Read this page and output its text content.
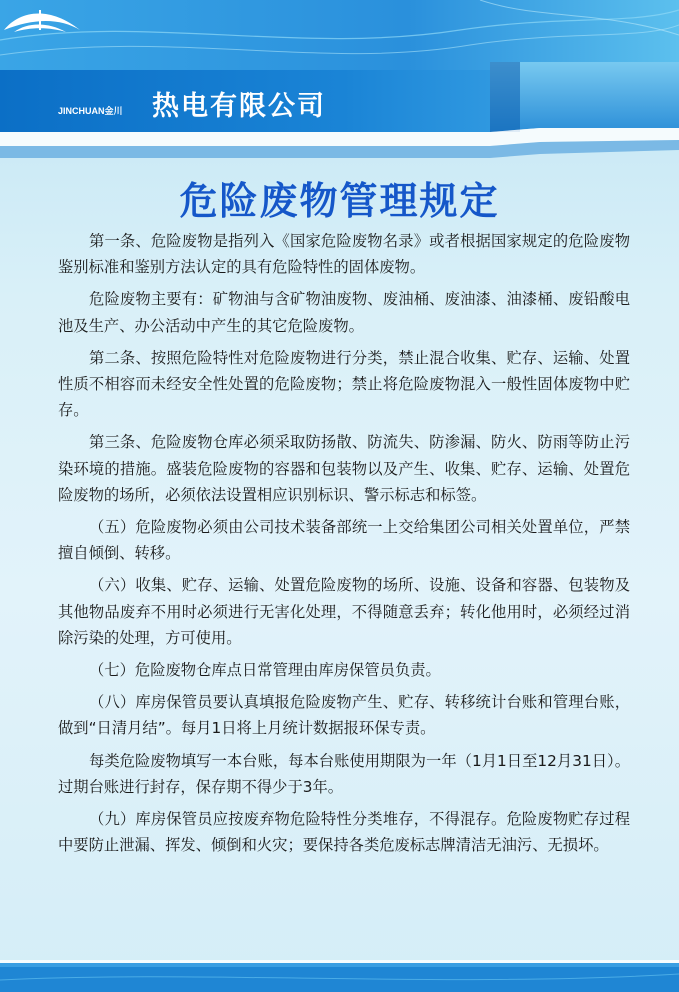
JINCHUAN金川 热电有限公司
危险废物管理规定

第一条、危险废物是指列入《国家危险废物名录》或者根据国家规定的危险废物鉴别标准和鉴别方法认定的具有危险特性的固体废物。

危险废物主要有：矿物油与含矿物油废物、废油桶、废油漆、油漆桶、废铅酸电池及生产、办公活动中产生的其它危险废物。

第二条、按照危险特性对危险废物进行分类，禁止混合收集、贮存、运输、处置性质不相容而未经安全性处置的危险废物；禁止将危险废物混入一般性固体废物中贮存。

第三条、危险废物仓库必须采取防扬散、防流失、防渗漏、防火、防雨等防止污染环境的措施。盛装危险废物的容器和包装物以及产生、收集、贮存、运输、处置危险废物的场所，必须依法设置相应识别标识、警示标志和标签。

（五）危险废物必须由公司技术装备部统一上交给集团公司相关处置单位，严禁擅自倾倒、转移。

（六）收集、贮存、运输、处置危险废物的场所、设施、设备和容器、包装物及其他物品废弃不用时必须进行无害化处理，不得随意丢弃；转化他用时，必须经过消除污染的处理，方可使用。

（七）危险废物仓库点日常管理由库房保管员负责。

（八）库房保管员要认真填报危险废物产生、贮存、转移统计台账和管理台账，做到“日清月结”。每月1日将上月统计数据报环保专责。

每类危险废物填写一本台账，每本台账使用期限为一年（1月1日至12月31日）。过期台账进行封存，保存期不得少于3年。

（九）库房保管员应按废弃物危险特性分类堆存，不得混存。危险废物贮存过程中要防止泄漏、挥发、倾倒和火灾；要保持各类危废标志牌清洁无油污、无损坏。
